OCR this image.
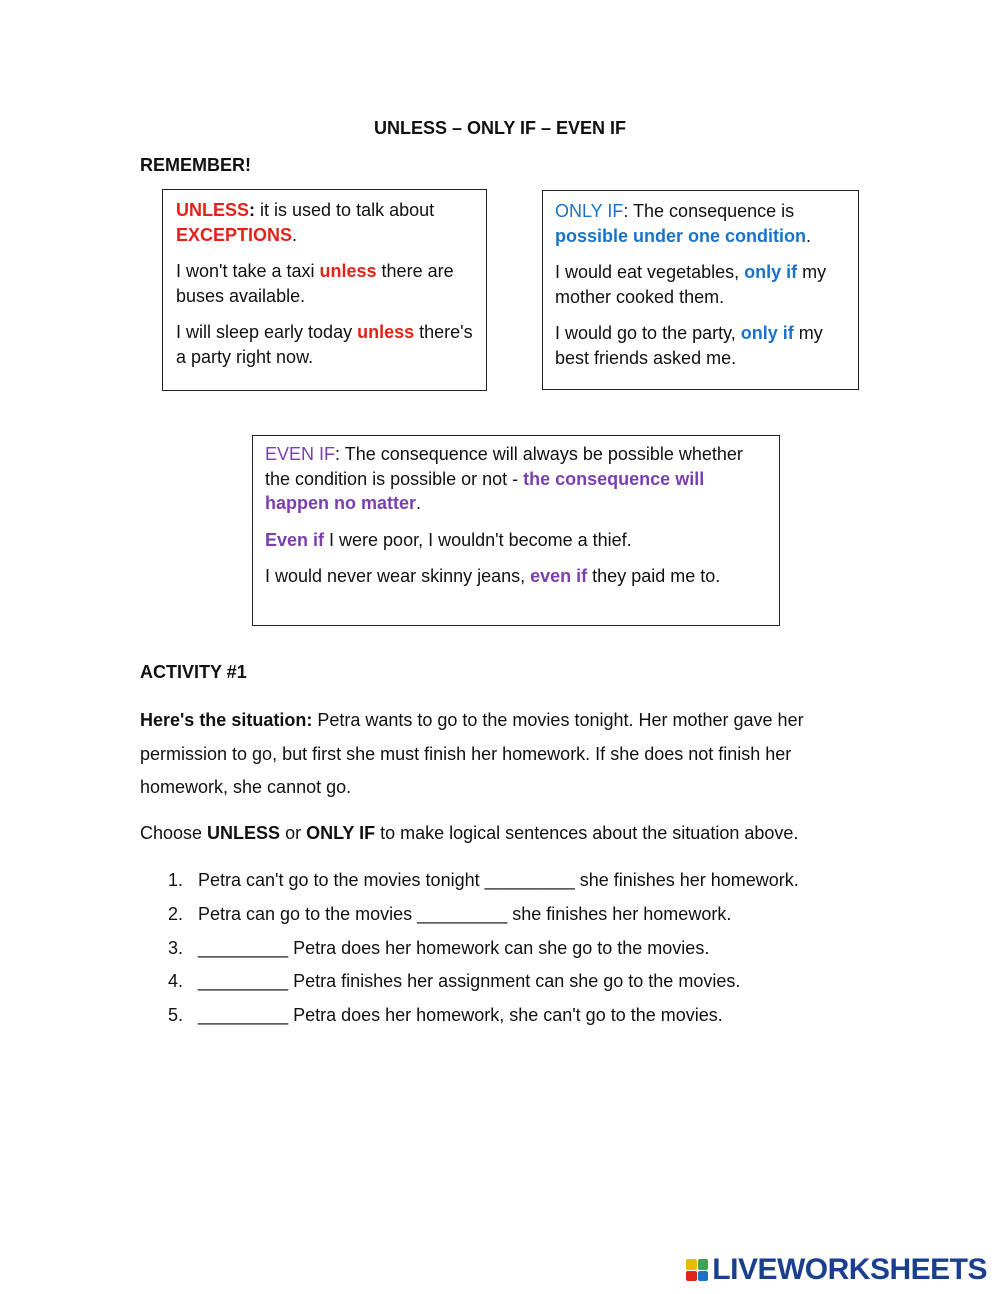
UNLESS – ONLY IF – EVEN IF
REMEMBER!

UNLESS: it is used to talk about EXCEPTIONS.

I won't take a taxi unless there are buses available.

I will sleep early today unless there's a party right now.

ONLY IF: The consequence is possible under one condition.

I would eat vegetables, only if my mother cooked them.

I would go to the party, only if my best friends asked me.

EVEN IF: The consequence will always be possible whether the condition is possible or not - the consequence will happen no matter.

Even if I were poor, I wouldn't become a thief.

I would never wear skinny jeans, even if they paid me to.

ACTIVITY #1
Here's the situation: Petra wants to go to the movies tonight. Her mother gave her permission to go, but first she must finish her homework. If she does not finish her homework, she cannot go.
Choose UNLESS or ONLY IF to make logical sentences about the situation above.
1. Petra can't go to the movies tonight _________ she finishes her homework.
2. Petra can go to the movies _________ she finishes her homework.
3. _________ Petra does her homework can she go to the movies.
4. _________ Petra finishes her assignment can she go to the movies.
5. _________ Petra does her homework, she can't go to the movies.
LIVEWORKSHEETS
